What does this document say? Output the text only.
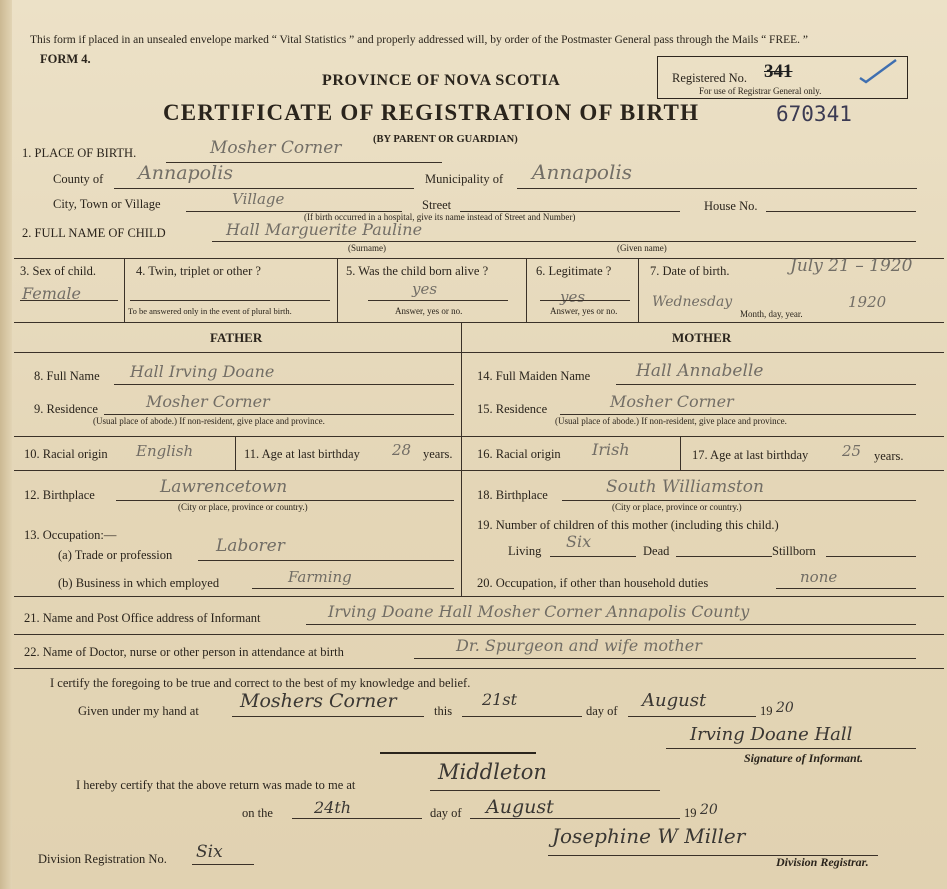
This form if placed in an unsealed envelope marked “ Vital Statistics ” and properly addressed will, by order of the Postmaster General pass through the Mails “ FREE. ”
FORM 4.
PROVINCE OF NOVA SCOTIA
CERTIFICATE OF REGISTRATION OF BIRTH	670341
(BY PARENT OR GUARDIAN)
Registered No. 341
For use of Registrar General only.
1. PLACE OF BIRTH.	Mosher Corner
County of Annapolis	Municipality of Annapolis
City, Town or Village	Village	Street	House No.
(If birth occurred in a hospital, give its name instead of Street and Number)
2. FULL NAME OF CHILD	Hall Marguerite Pauline
(Surname)	(Given name)
3. Sex of child.
Female
4. Twin, triplet or other ?
To be answered only in the event of plural birth.
5. Was the child born alive ?
yes
Answer, yes or no.
6. Legitimate ?
yes
Answer, yes or no.
7. Date of birth.	July 21 – 1920
Wednesday	1920
Month, day, year.
FATHER	MOTHER
8. Full Name Hall Irving Doane
9. Residence	Mosher Corner
(Usual place of abode.) If non-resident, give place and province.
10. Racial origin English	11. Age at last birthday 28 years.
12. Birthplace	Lawrencetown
(City or place, province or country.)
13. Occupation:—
(a) Trade or profession	Laborer
(b) Business in which employed	Farming
14. Full Maiden Name	Hall Annabelle
15. Residence	Mosher Corner
(Usual place of abode.) If non-resident, give place and province.
16. Racial origin Irish	17. Age at last birthday 25 years.
18. Birthplace	South Williamston
(City or place, province or country.)
19. Number of children of this mother (including this child.)
Living Six	Dead	Stillborn
20. Occupation, if other than household duties	none
21. Name and Post Office address of Informant	Irving Doane Hall Mosher Corner Annapolis County
22. Name of Doctor, nurse or other person in attendance at birth	Dr. Spurgeon and wife mother
I certify the foregoing to be true and correct to the best of my knowledge and belief.
Given under my hand at Moshers Corner	this
21st
day of August	19 20
Irving Doane Hall
Signature of Informant.
I hereby certify that the above return was made to me at
Middleton
on the	24th	day of August	19 20
Division Registration No. Six
Josephine W Miller
Division Registrar.
